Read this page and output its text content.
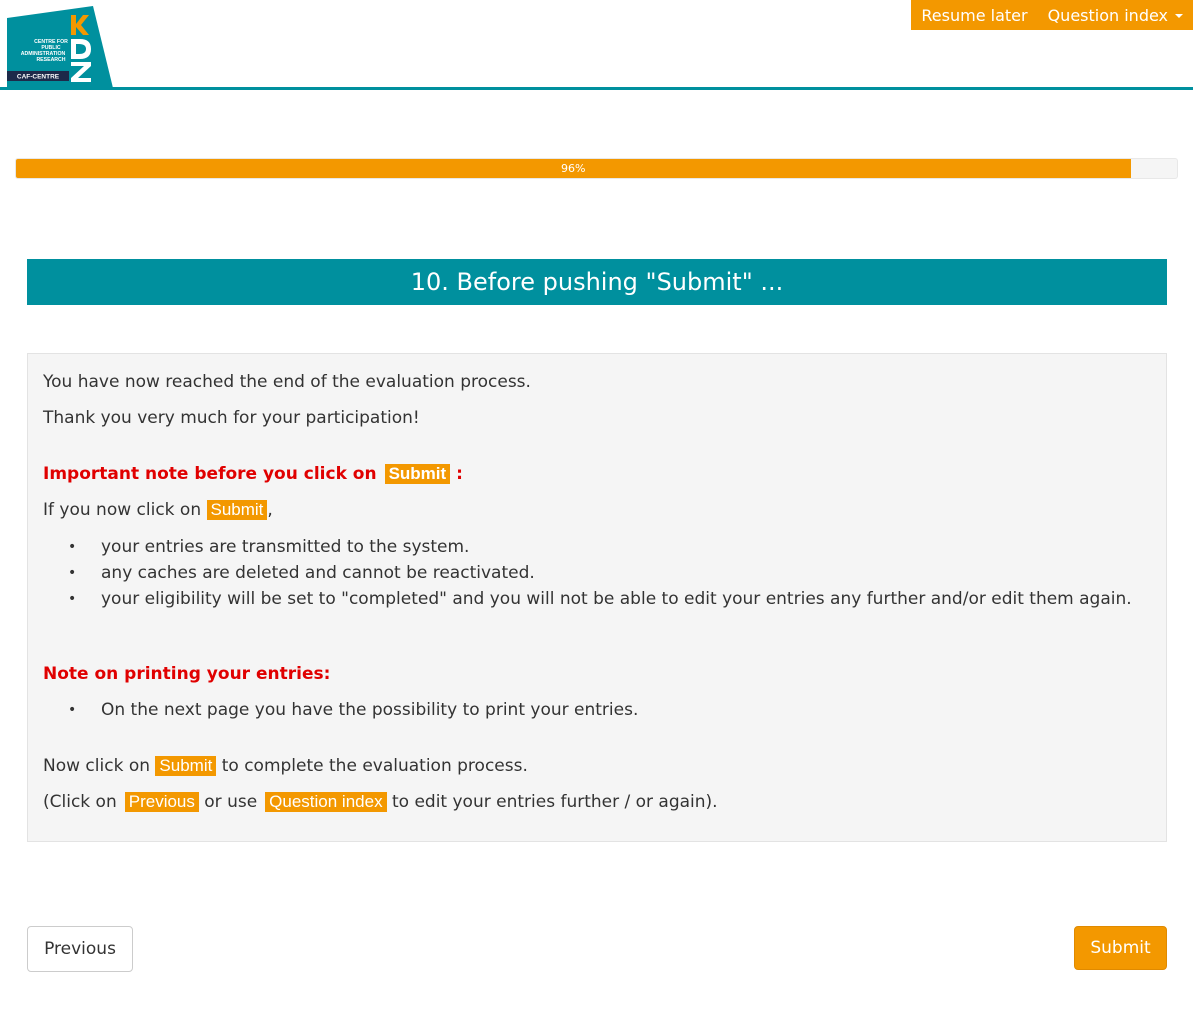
CENTRE FOR
PUBLIC
ADMINISTRATION
RESEARCH
CAF-CENTRE
Resume later Question index
96%
10. Before pushing "Submit" ...

You have now reached the end of the evaluation process.

Thank you very much for your participation!

Important note before you click on Submit :

If you now click on Submit ,

• your entries are transmitted to the system.
• any caches are deleted and cannot be reactivated.
• your eligibility will be set to "completed" and you will not be able to edit your entries any further and/or edit them again.

Note on printing your entries:

• On the next page you have the possibility to print your entries.

Now click on Submit to complete the evaluation process.

(Click on Previous or use Question index to edit your entries further / or again).

Previous	Submit
